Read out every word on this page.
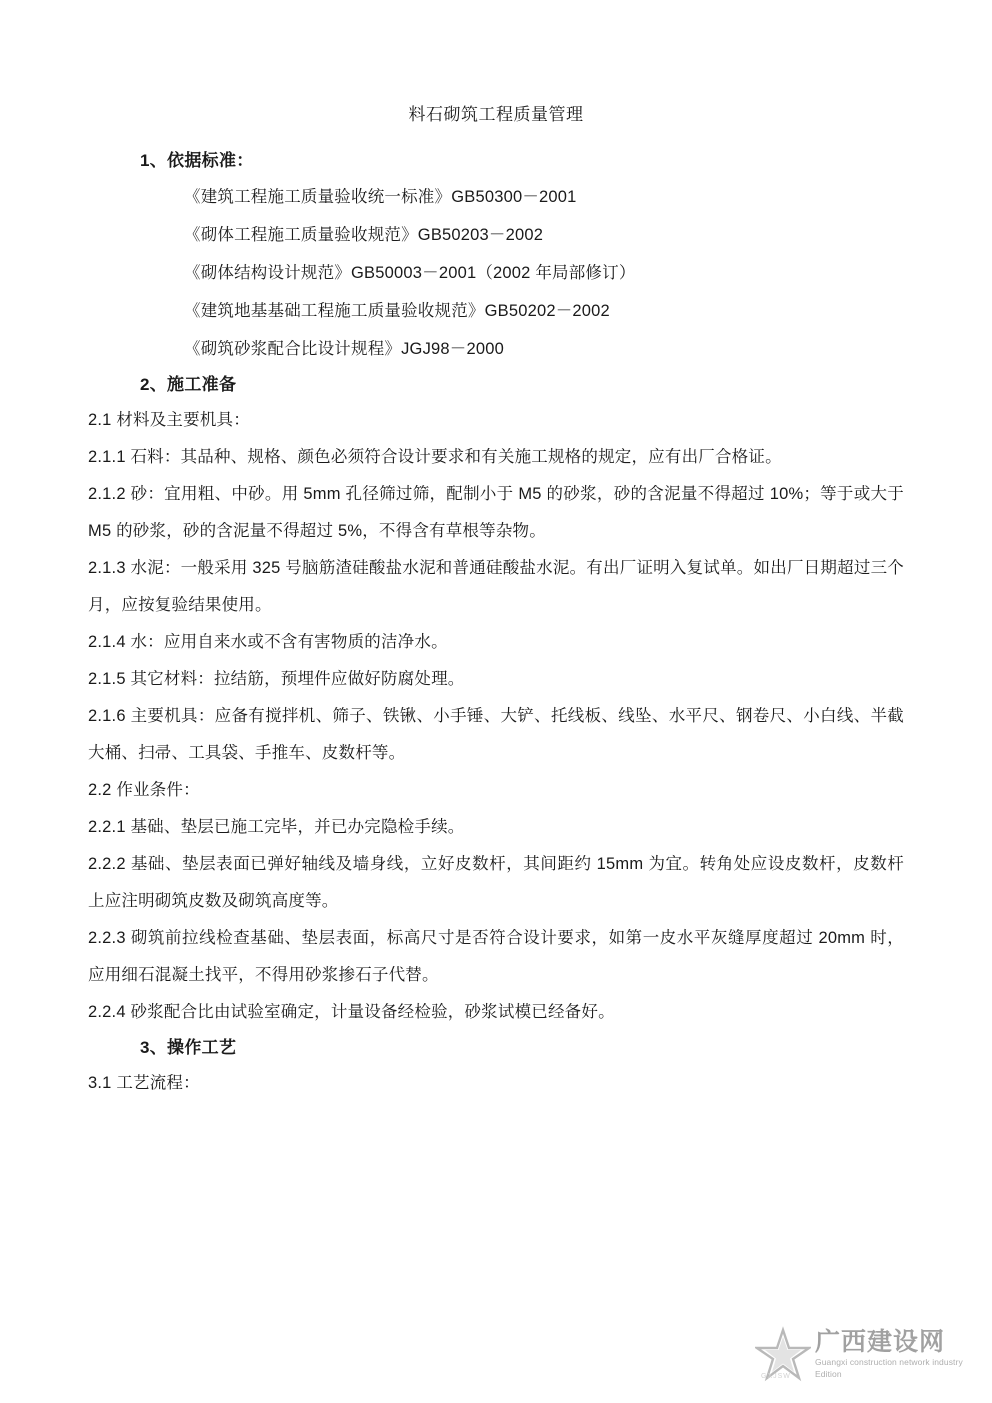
料石砌筑工程质量管理
1、依据标准：
《建筑工程施工质量验收统一标准》GB50300－2001
《砌体工程施工质量验收规范》GB50203－2002
《砌体结构设计规范》GB50003－2001（2002 年局部修订）
《建筑地基基础工程施工质量验收规范》GB50202－2002
《砌筑砂浆配合比设计规程》JGJ98－2000
2、施工准备
2.1 材料及主要机具：
2.1.1 石料：其品种、规格、颜色必须符合设计要求和有关施工规格的规定，应有出厂合格证。
2.1.2 砂：宜用粗、中砂。用 5mm 孔径筛过筛，配制小于 M5 的砂浆，砂的含泥量不得超过 10%；等于或大于 M5 的砂浆，砂的含泥量不得超过 5%，不得含有草根等杂物。
2.1.3 水泥：一般采用 325 号脑筋渣硅酸盐水泥和普通硅酸盐水泥。有出厂证明入复试单。如出厂日期超过三个月，应按复验结果使用。
2.1.4 水：应用自来水或不含有害物质的洁净水。
2.1.5 其它材料：拉结筋，预埋件应做好防腐处理。
2.1.6 主要机具：应备有搅拌机、筛子、铁锹、小手锤、大铲、托线板、线坠、水平尺、钢卷尺、小白线、半截大桶、扫帚、工具袋、手推车、皮数杆等。
2.2 作业条件：
2.2.1 基础、垫层已施工完毕，并已办完隐检手续。
2.2.2 基础、垫层表面已弹好轴线及墙身线，立好皮数杆，其间距约 15mm 为宜。转角处应设皮数杆，皮数杆上应注明砌筑皮数及砌筑高度等。
2.2.3 砌筑前拉线检查基础、垫层表面，标高尺寸是否符合设计要求，如第一皮水平灰缝厚度超过 20mm 时，应用细石混凝土找平，不得用砂浆掺石子代替。
2.2.4 砂浆配合比由试验室确定，计量设备经检验，砂浆试模已经备好。
3、操作工艺
3.1 工艺流程：
GXJSW
广西建设网
Guangxi construction network industry Edition
